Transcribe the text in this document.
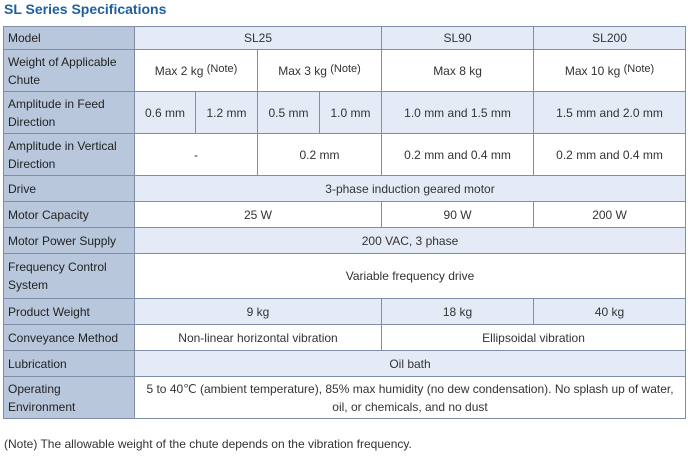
SL Series Specifications
Model	SL25				SL90	SL200
Weight of Applicable Chute	Max 2 kg $^{(Note)}$		Max 3 kg $^{(Note)}$		Max 8 kg	Max 10 kg $^{(Note)}$
Amplitude in Feed Direction	0.6 mm	1.2 mm	0.5 mm	1.0 mm	1.0 mm and 1.5 mm	1.5 mm and 2.0 mm
Amplitude in Vertical Direction	-		0.2 mm		0.2 mm and 0.4 mm	0.2 mm and 0.4 mm
Drive	3-phase induction geared motor					
Motor Capacity	25 W				90 W	200 W
Motor Power Supply	200 VAC, 3 phase					
Frequency Control System	Variable frequency drive					
Product Weight	9 kg				18 kg	40 kg
Conveyance Method	Non-linear horizontal vibration				Ellipsoidal vibration	
Lubrication	Oil bath					
Operating Environment	5 to 40℃ (ambient temperature), 85% max humidity (no dew condensation). No splash up of water, oil, or chemicals, and no dust					
(Note) The allowable weight of the chute depends on the vibration frequency.
